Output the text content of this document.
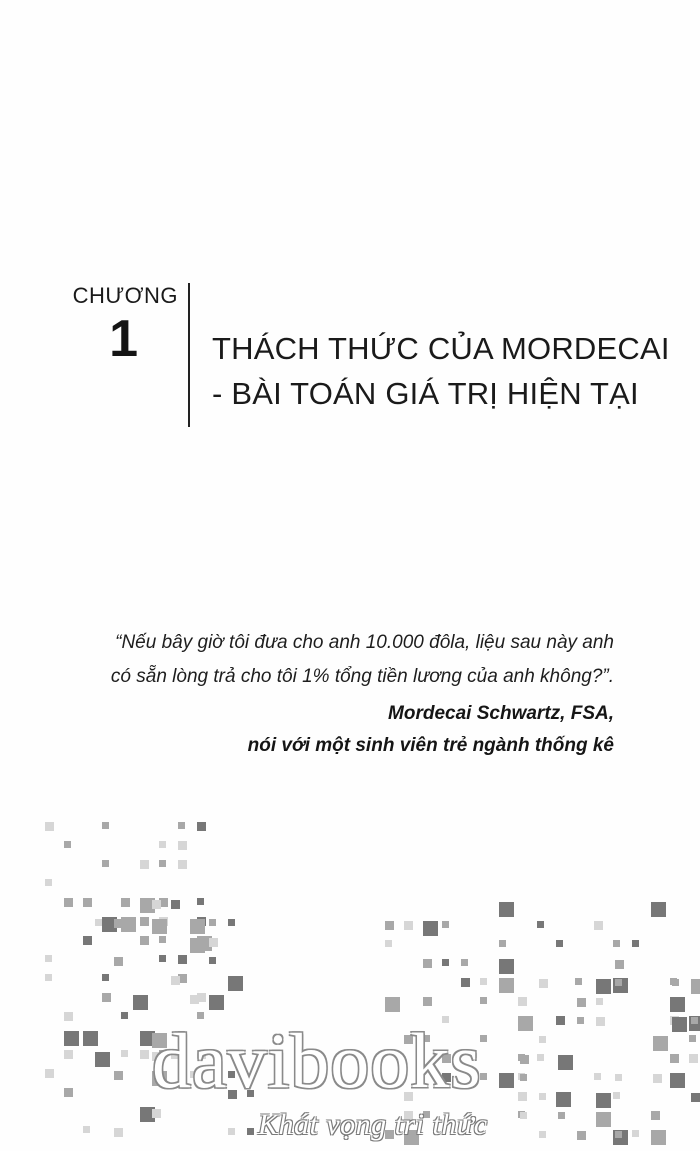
CHƯƠNG
1 THÁCH THỨC CỦA MORDECAI
- BÀI TOÁN GIÁ TRỊ HIỆN TẠI
“Nếu bây giờ tôi đưa cho anh 10.000 đôla, liệu sau này anh
có sẵn lòng trả cho tôi 1% tổng tiền lương của anh không?”.
Mordecai Schwartz, FSA,
nói với một sinh viên trẻ ngành thống kê
davibooks
Khát vọng tri thức
